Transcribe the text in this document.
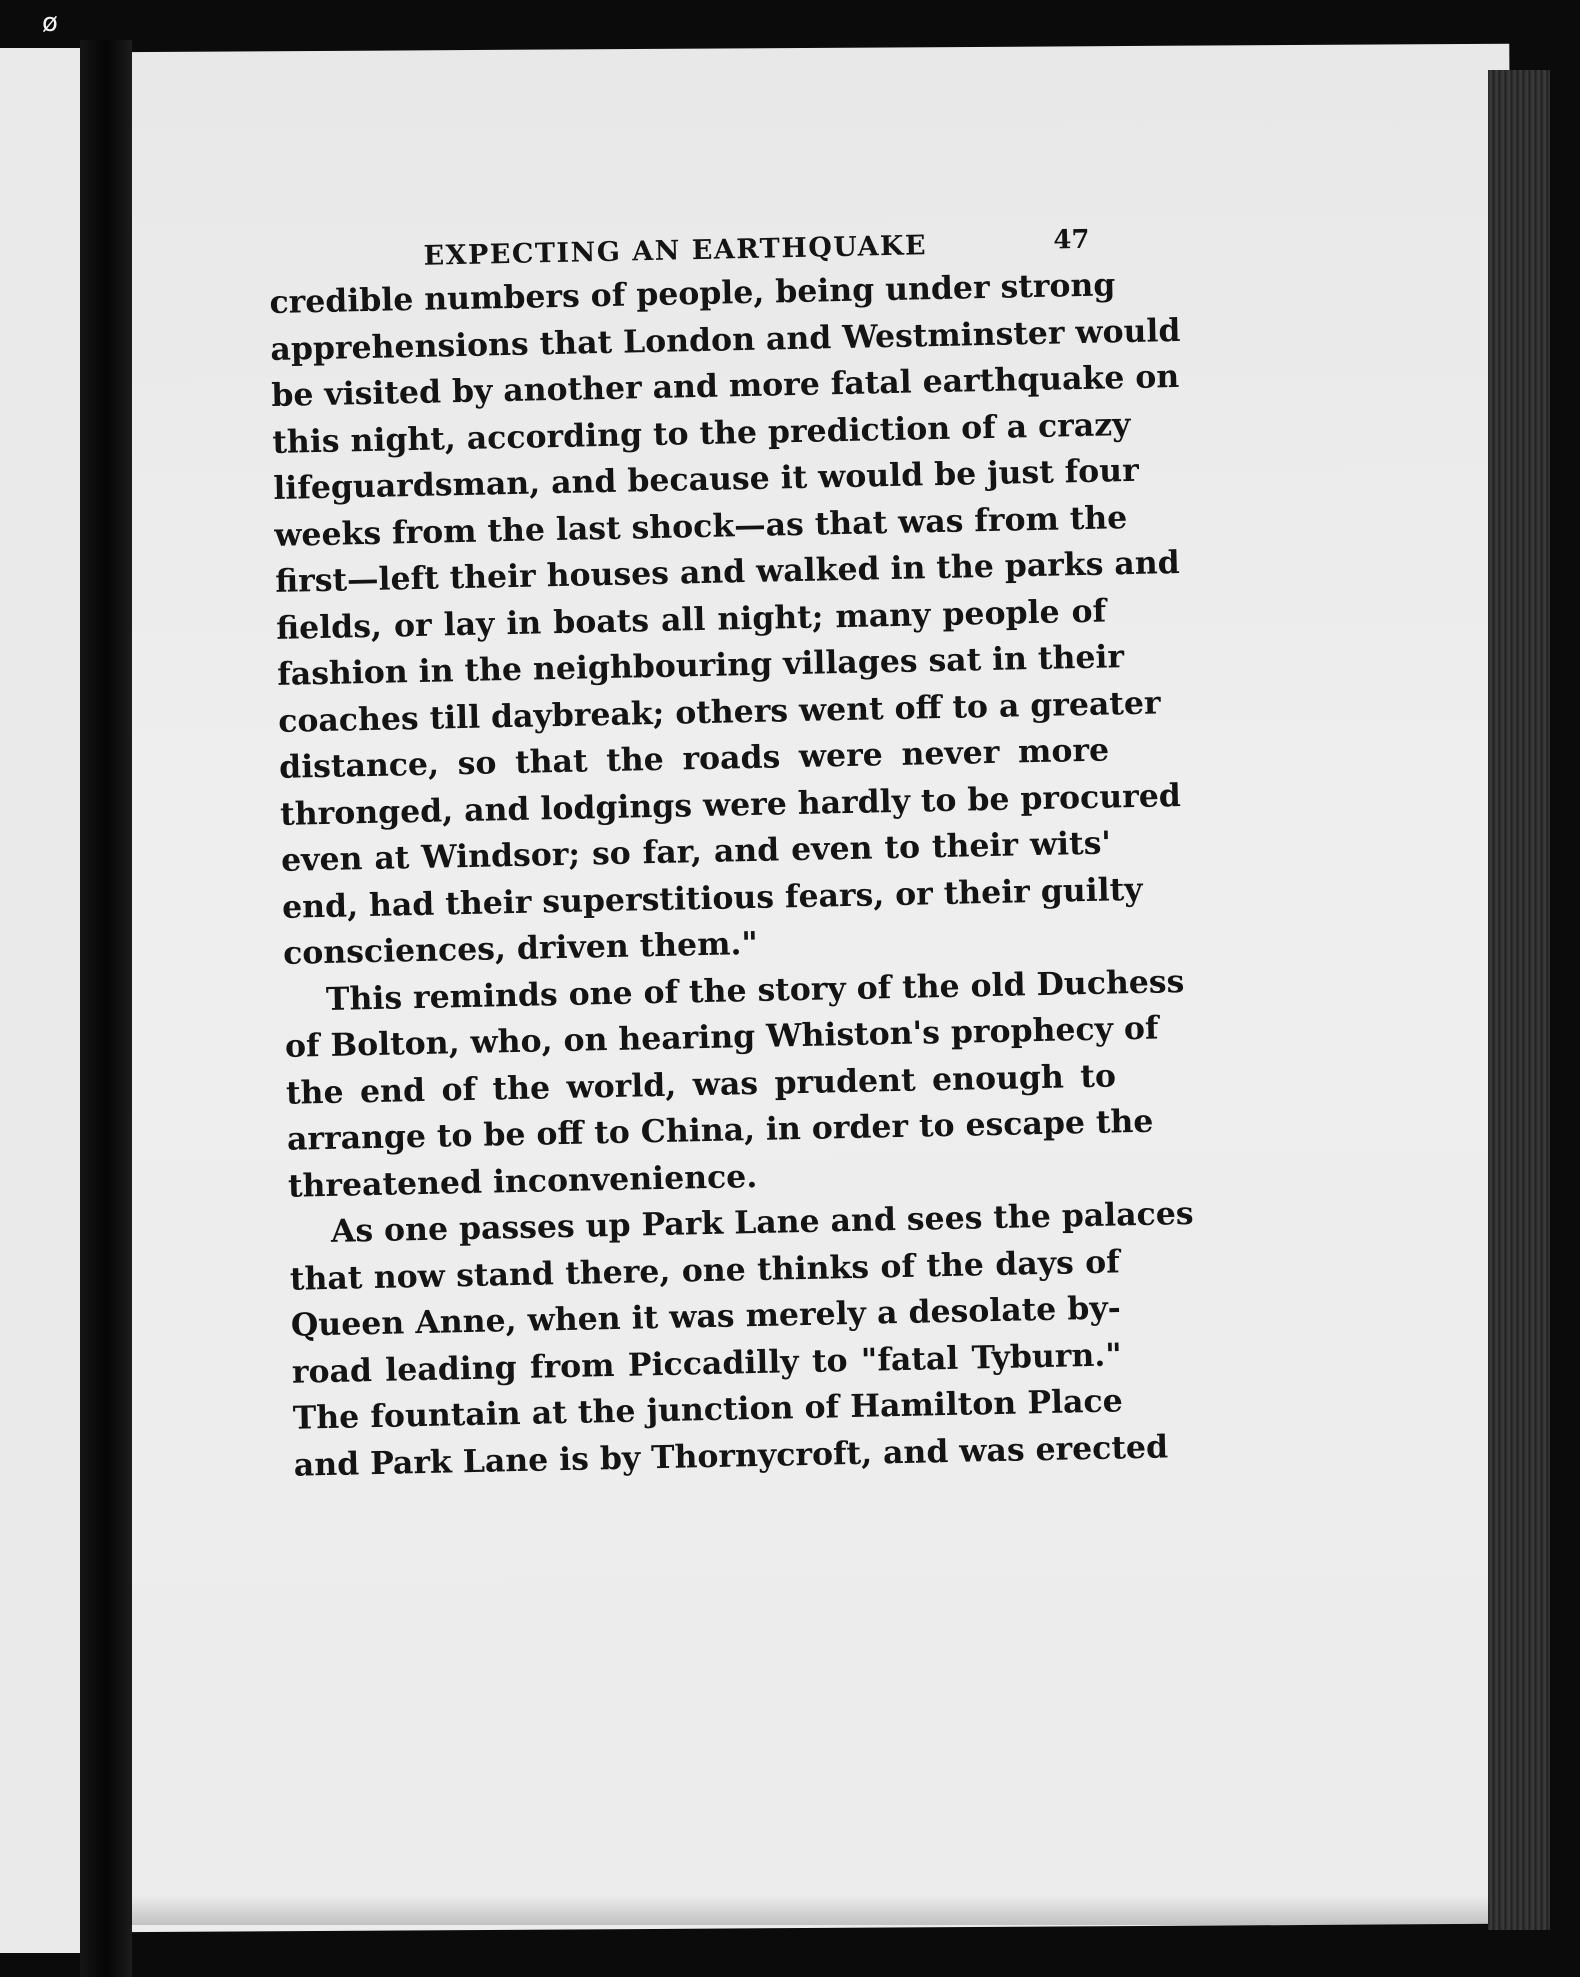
ø
EXPECTING AN EARTHQUAKE	47
credible numbers of people, being under strong
apprehensions that London and Westminster would
be visited by another and more fatal earthquake on
this night, according to the prediction of a crazy
lifeguardsman, and because it would be just four
weeks from the last shock—as that was from the
first—left their houses and walked in the parks and
fields, or lay in boats all night; many people of
fashion in the neighbouring villages sat in their
coaches till daybreak; others went off to a greater
distance, so that the roads were never more
thronged, and lodgings were hardly to be procured
even at Windsor; so far, and even to their wits'
end, had their superstitious fears, or their guilty
consciences, driven them."
This reminds one of the story of the old Duchess
of Bolton, who, on hearing Whiston's prophecy of
the end of the world, was prudent enough to
arrange to be off to China, in order to escape the
threatened inconvenience.
As one passes up Park Lane and sees the palaces
that now stand there, one thinks of the days of
Queen Anne, when it was merely a desolate by-
road leading from Piccadilly to "fatal Tyburn."
The fountain at the junction of Hamilton Place
and Park Lane is by Thornycroft, and was erected
